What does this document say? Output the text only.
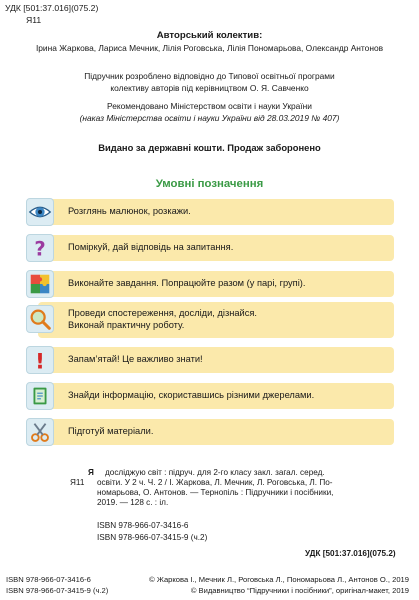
УДК [501:37.016](075.2)
Я11
Авторський колектив:
Ірина Жаркова, Лариса Мечник, Лілія Роговська, Лілія Пономарьова, Олександр Антонов
Підручник розроблено відповідно до Типової освітньої програми
колективу авторів під керівництвом О. Я. Савченко
Рекомендовано Міністерством освіти і науки України
(наказ Міністерства освіти і науки України від 28.03.2019 № 407)
Видано за державні кошти. Продаж заборонено
Умовні позначення
Розглянь малюнок, розкажи.
? Поміркуй, дай відповідь на запитання.
Виконайте завдання. Попрацюйте разом (у парі, групі).
Проведи спостереження, досліди, дізнайся.
Виконай практичну роботу.
! Запам’ятай! Це важливо знати!
Знайди інформацію, скориставшись різними джерелами.
Підготуй матеріали.
Я
Я11
досліджую світ : підруч. для 2-го класу закл. загал. серед.
освіти. У 2 ч. Ч. 2 / І. Жаркова, Л. Мечник, Л. Роговська, Л. По-
номарьова, О. Антонов. — Тернопіль : Підручники і посібники,
2019. — 128 с. : іл.
ISBN 978-966-07-3416-6
ISBN 978-966-07-3415-9 (ч.2)
УДК [501:37.016](075.2)
ISBN 978-966-07-3416-6
ISBN 978-966-07-3415-9 (ч.2)
© Жаркова І., Мечник Л., Роговська Л., Пономарьова Л., Антонов О., 2019
© Видавництво “Підручники і посібники”, оригінал-макет, 2019
